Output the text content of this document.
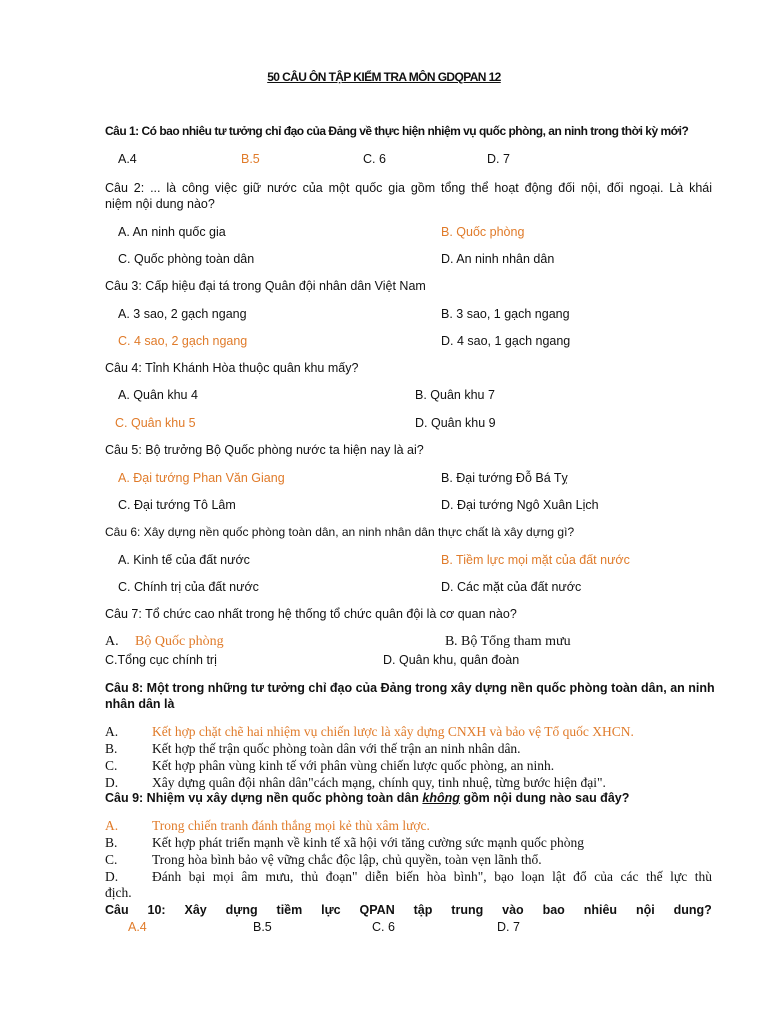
50 CÂU ÔN TẬP KIỂM TRA MÔN GDQPAN 12
Câu 1: Có bao nhiêu tư tưởng chỉ đạo của Đảng về thực hiện nhiệm vụ quốc phòng, an ninh trong thời kỳ mới?
A.4	B.5	C. 6	D. 7
Câu 2: ... là công việc giữ nước của một quốc gia gồm tổng thể hoạt động đối nội, đối ngoại. Là khái
niệm nội dung nào?
A. An ninh quốc gia	B. Quốc phòng
C. Quốc phòng toàn dân	D. An ninh nhân dân
Câu 3: Cấp hiệu đại tá trong Quân đội nhân dân Việt Nam
A. 3 sao, 2 gạch ngang	B. 3 sao, 1 gạch ngang
C. 4 sao, 2 gạch ngang	D. 4 sao, 1 gạch ngang
Câu 4: Tỉnh Khánh Hòa thuộc quân khu mấy?
A. Quân khu 4	B. Quân khu 7
C. Quân khu 5	D. Quân khu 9
Câu 5: Bộ trưởng Bộ Quốc phòng nước ta hiện nay là ai?
A. Đại tướng Phan Văn Giang	B. Đại tướng Đỗ Bá Tỵ
C. Đại tướng Tô Lâm	D. Đại tướng Ngô Xuân Lịch
Câu 6: Xây dựng nền quốc phòng toàn dân, an ninh nhân dân thực chất là xây dựng gì?
A. Kinh tế của đất nước	B. Tiềm lực mọi mặt của đất nước
C. Chính trị của đất nước	D. Các mặt của đất nước
Câu 7: Tổ chức cao nhất trong hệ thống tổ chức quân đội là cơ quan nào?
A. Bộ Quốc phòng	B . Bộ Tổng tham mưu
C.Tổng cục chính trị	D. Quân khu, quân đoàn
Câu 8: Một trong những tư tưởng chỉ đạo của Đảng trong xây dựng nền quốc phòng toàn dân, an ninh
nhân dân là
A.	Kết hợp chặt chẽ hai nhiệm vụ chiến lược là xây dựng CNXH và bảo vệ Tổ quốc XHCN.
B.	Kết hợp thế trận quốc phòng toàn dân với thế trận an ninh nhân dân.
C.	Kết hợp phân vùng kinh tế với phân vùng chiến lược quốc phòng, an ninh.
D.	Xây dựng quân đội nhân dân"cách mạng, chính quy, tinh nhuệ, từng bước hiện đại".
Câu 9: Nhiệm vụ xây dựng nền quốc phòng toàn dân không gồm nội dung nào sau đây?
A.	Trong chiến tranh đánh thắng mọi kẻ thù xâm lược.
B.	Kết hợp phát triển mạnh về kinh tế xã hội với tăng cường sức mạnh quốc phòng
C.	Trong hòa bình bảo vệ vững chắc độc lập, chủ quyền, toàn vẹn lãnh thổ.
D.	Đánh bại mọi âm mưu, thủ đoạn" diễn biến hòa bình", bạo loạn lật đổ của các thế lực thù
địch.
Câu 10: Xây dựng tiềm lực QPAN tập trung vào bao nhiêu nội dung?
A.4	B.5	C. 6	D. 7
